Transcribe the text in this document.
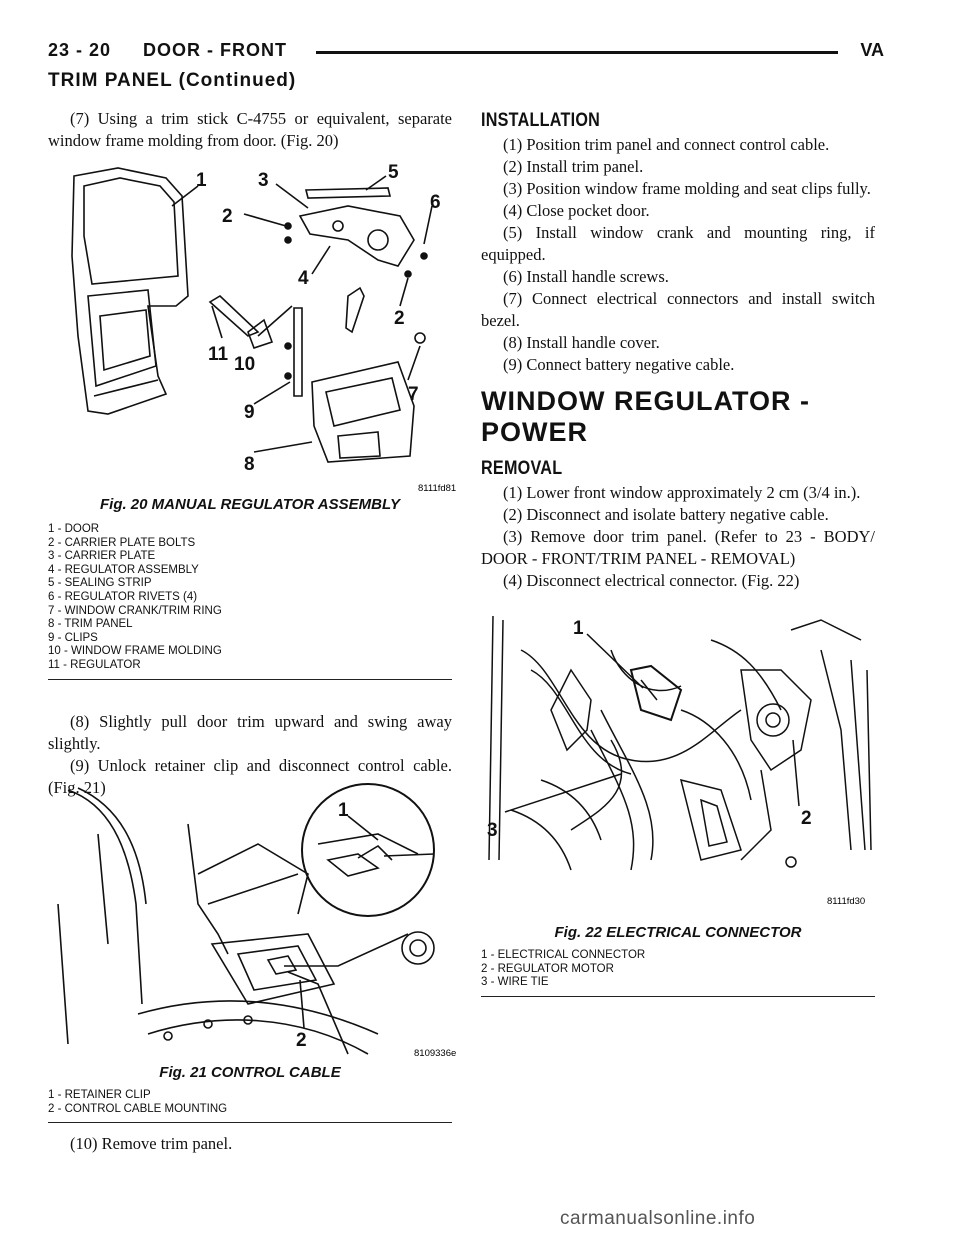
23 - 20 DOOR - FRONT	VA
TRIM PANEL (Continued)

(7) Using a trim stick C-4755 or equivalent, separate window frame molding from door. (Fig. 20)

1
2
3
4
5
6
2
7
8
9
10
11
8111fd81
Fig. 20 MANUAL REGULATOR ASSEMBLY
1 - DOOR
2 - CARRIER PLATE BOLTS
3 - CARRIER PLATE
4 - REGULATOR ASSEMBLY
5 - SEALING STRIP
6 - REGULATOR RIVETS (4)
7 - WINDOW CRANK/TRIM RING
8 - TRIM PANEL
9 - CLIPS
10 - WINDOW FRAME MOLDING
11 - REGULATOR

(8) Slightly pull door trim upward and swing away slightly.

(9) Unlock retainer clip and disconnect control cable. (Fig. 21)

1
2
8109336e
Fig. 21 CONTROL CABLE
1 - RETAINER CLIP
2 - CONTROL CABLE MOUNTING

(10) Remove trim panel.

INSTALLATION

(1) Position trim panel and connect control cable.

(2) Install trim panel.

(3) Position window frame molding and seat clips fully.

(4) Close pocket door.

(5) Install window crank and mounting ring, if equipped.

(6) Install handle screws.

(7) Connect electrical connectors and install switch bezel.

(8) Install handle cover.

(9) Connect battery negative cable.

WINDOW REGULATOR -
POWER
REMOVAL

(1) Lower front window approximately 2 cm (3/4 in.).

(2) Disconnect and isolate battery negative cable.

(3) Remove door trim panel. (Refer to 23 - BODY/ DOOR - FRONT/TRIM PANEL - REMOVAL)

(4) Disconnect electrical connector. (Fig. 22)

1
2
3
8111fd30
Fig. 22 ELECTRICAL CONNECTOR
1 - ELECTRICAL CONNECTOR
2 - REGULATOR MOTOR
3 - WIRE TIE
carmanualsonline.info
